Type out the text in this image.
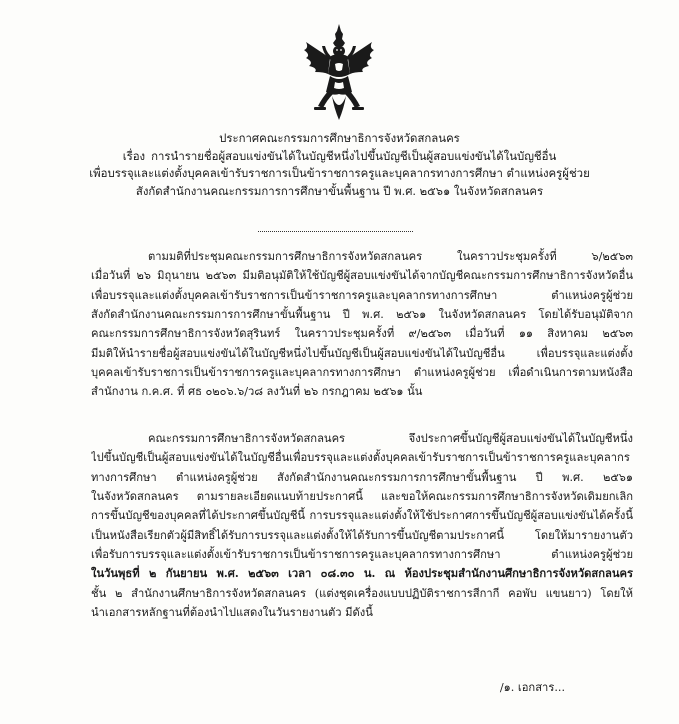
ประกาศคณะกรรมการศึกษาธิการจังหวัดสกลนคร
เรื่อง การนำรายชื่อผู้สอบแข่งขันได้ในบัญชีหนึ่งไปขึ้นบัญชีเป็นผู้สอบแข่งขันได้ในบัญชีอื่น
เพื่อบรรจุและแต่งตั้งบุคคลเข้ารับราชการเป็นข้าราชการครูและบุคลากรทางการศึกษา ตำแหน่งครูผู้ช่วย
สังกัดสำนักงานคณะกรรมการการศึกษาขั้นพื้นฐาน ปี พ.ศ. ๒๕๖๑ ในจังหวัดสกลนคร
ตามมติที่ประชุมคณะกรรมการศึกษาธิการจังหวัดสกลนคร ในคราวประชุมครั้งที่ ๖/๒๕๖๓
เมื่อวันที่ ๒๖ มิถุนายน ๒๕๖๓ มีมติอนุมัติให้ใช้บัญชีผู้สอบแข่งขันได้จากบัญชีคณะกรรมการศึกษาธิการจังหวัดอื่น
เพื่อบรรจุและแต่งตั้งบุคคลเข้ารับราชการเป็นข้าราชการครูและบุคลากรทางการศึกษา ตำแหน่งครูผู้ช่วย
สังกัดสำนักงานคณะกรรมการการศึกษาขั้นพื้นฐาน ปี พ.ศ. ๒๕๖๑ ในจังหวัดสกลนคร โดยได้รับอนุมัติจาก
คณะกรรมการศึกษาธิการจังหวัดสุรินทร์ ในคราวประชุมครั้งที่ ๙/๒๕๖๓ เมื่อวันที่ ๑๑ สิงหาคม ๒๕๖๓
มีมติให้นำรายชื่อผู้สอบแข่งขันได้ในบัญชีหนึ่งไปขึ้นบัญชีเป็นผู้สอบแข่งขันได้ในบัญชีอื่น เพื่อบรรจุและแต่งตั้ง
บุคคลเข้ารับราชการเป็นข้าราชการครูและบุคลากรทางการศึกษา ตำแหน่งครูผู้ช่วย เพื่อดำเนินการตามหนังสือ
สำนักงาน ก.ค.ศ. ที่ ศธ ๐๒๐๖.๖/ว๘ ลงวันที่ ๒๖ กรกฎาคม ๒๕๖๑ นั้น
คณะกรรมการศึกษาธิการจังหวัดสกลนคร จึงประกาศขึ้นบัญชีผู้สอบแข่งขันได้ในบัญชีหนึ่ง
ไปขึ้นบัญชีเป็นผู้สอบแข่งขันได้ในบัญชีอื่นเพื่อบรรจุและแต่งตั้งบุคคลเข้ารับราชการเป็นข้าราชการครูและบุคลากร
ทางการศึกษา ตำแหน่งครูผู้ช่วย สังกัดสำนักงานคณะกรรมการการศึกษาขั้นพื้นฐาน ปี พ.ศ. ๒๕๖๑
ในจังหวัดสกลนคร ตามรายละเอียดแนบท้ายประกาศนี้ และขอให้คณะกรรมการศึกษาธิการจังหวัดเดิมยกเลิก
การขึ้นบัญชีของบุคคลที่ได้ประกาศขึ้นบัญชีนี้ การบรรจุและแต่งตั้งให้ใช้ประกาศการขึ้นบัญชีผู้สอบแข่งขันได้ครั้งนี้
เป็นหนังสือเรียกตัวผู้มีสิทธิ์ได้รับการบรรจุและแต่งตั้งให้ได้รับการขึ้นบัญชีตามประกาศนี้ โดยให้มารายงานตัว
เพื่อรับการบรรจุและแต่งตั้งเข้ารับราชการเป็นข้าราชการครูและบุคลากรทางการศึกษา ตำแหน่งครูผู้ช่วย
ในวันพุธที่ ๒ กันยายน พ.ศ. ๒๕๖๓ เวลา ๐๘.๓๐ น. ณ ห้องประชุมสำนักงานศึกษาธิการจังหวัดสกลนคร
ชั้น ๒ สำนักงานศึกษาธิการจังหวัดสกลนคร (แต่งชุดเครื่องแบบปฏิบัติราชการสีกากี คอพับ แขนยาว) โดยให้
นำเอกสารหลักฐานที่ต้องนำไปแสดงในวันรายงานตัว มีดังนี้
/๑. เอกสาร...
